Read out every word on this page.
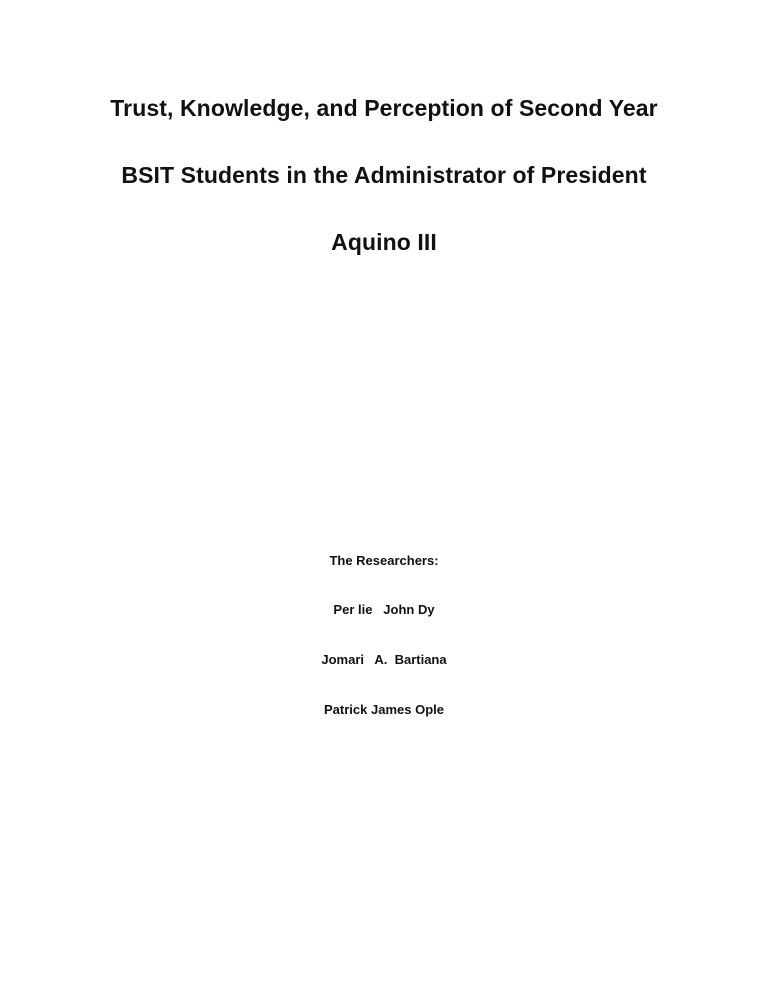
Trust, Knowledge, and Perception of Second Year
BSIT Students in the Administrator of President
Aquino III
The Researchers:
Per lie   John Dy
Jomari   A.  Bartiana
Patrick James Ople
